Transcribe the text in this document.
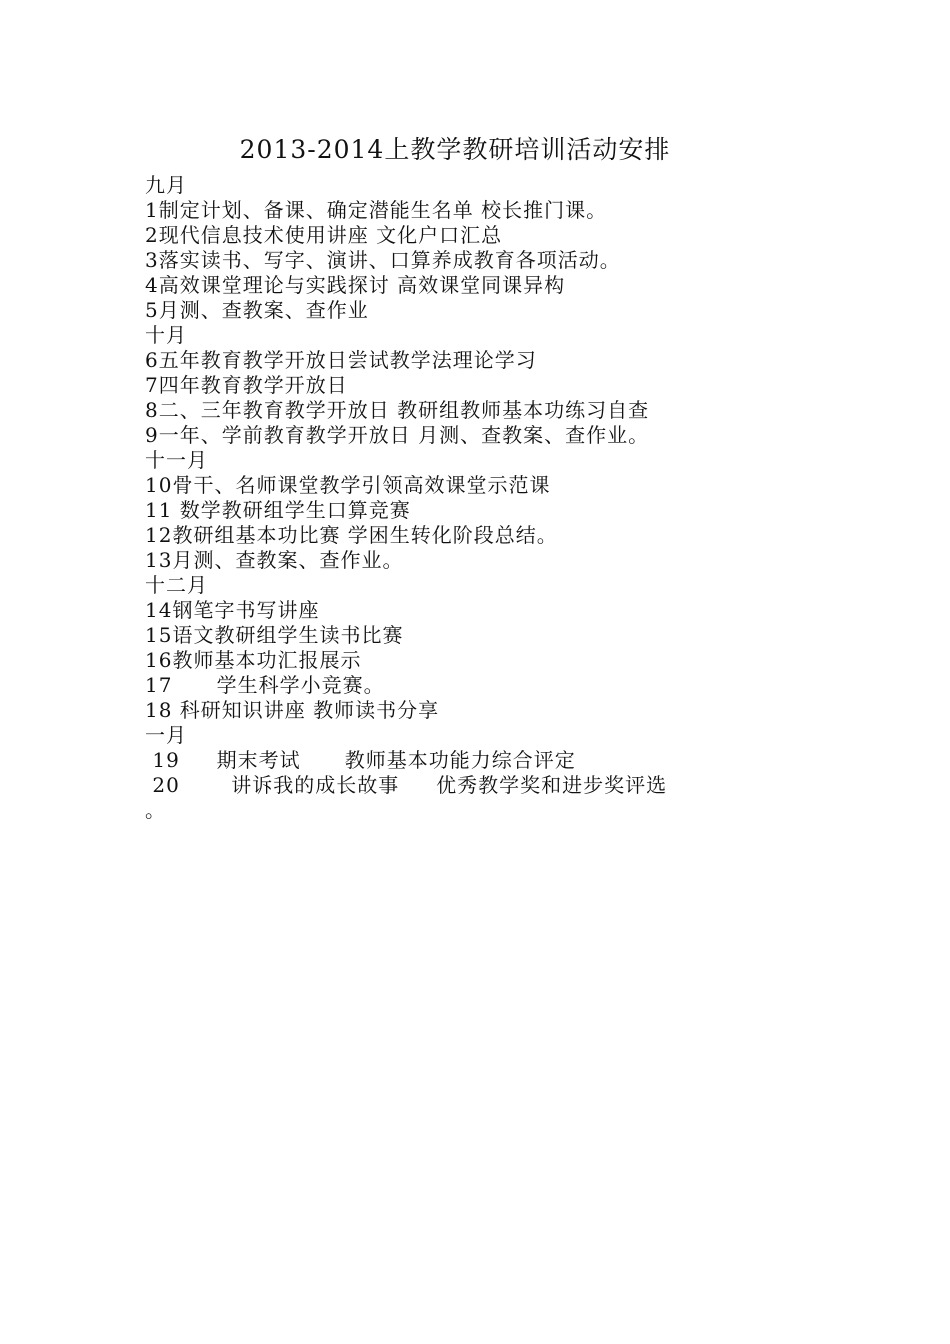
2013-2014上教学教研培训活动安排
九月
1制定计划、备课、确定潜能生名单 校长推门课。
2现代信息技术使用讲座 文化户口汇总
3落实读书、写字、演讲、口算养成教育各项活动。
4高效课堂理论与实践探讨 高效课堂同课异构
5月测、查教案、查作业
十月
6五年教育教学开放日尝试教学法理论学习
7四年教育教学开放日
8二、三年教育教学开放日 教研组教师基本功练习自查
9一年、学前教育教学开放日 月测、查教案、查作业。
十一月
10骨干、名师课堂教学引领高效课堂示范课
11 数学教研组学生口算竞赛
12教研组基本功比赛 学困生转化阶段总结。
13月测、查教案、查作业。
十二月
14钢笔字书写讲座
15语文教研组学生读书比赛
16教师基本功汇报展示
17      学生科学小竞赛。
18 科研知识讲座 教师读书分享
一月
19     期末考试      教师基本功能力综合评定
20       讲诉我的成长故事     优秀教学奖和进步奖评选
。
